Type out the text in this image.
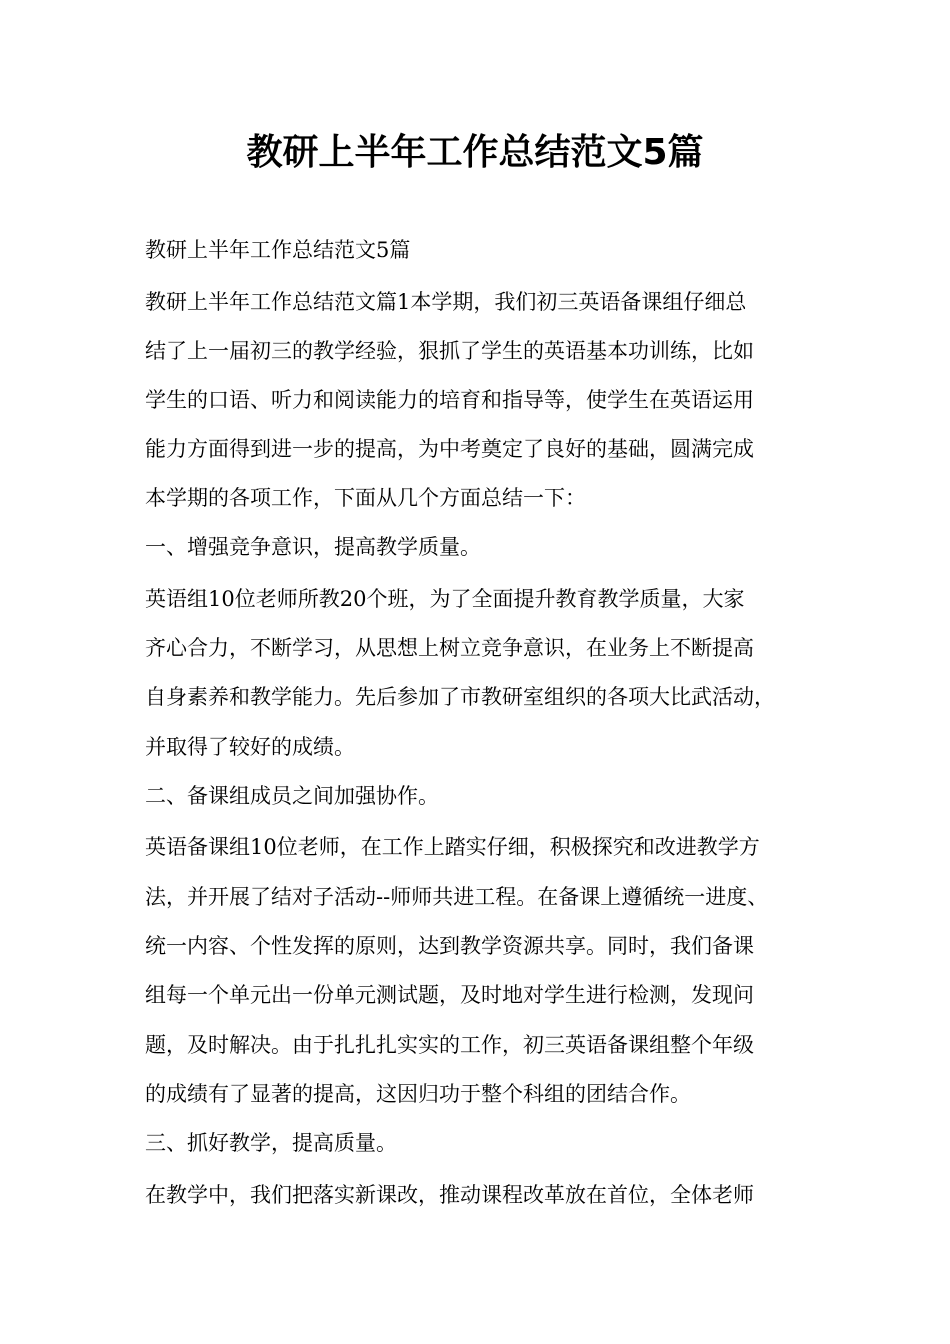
教研上半年工作总结范文5篇

教研上半年工作总结范文5篇

教研上半年工作总结范文篇1本学期，我们初三英语备课组仔细总

结了上一届初三的教学经验，狠抓了学生的英语基本功训练，比如

学生的口语、听力和阅读能力的培育和指导等，使学生在英语运用

能力方面得到进一步的提高，为中考奠定了良好的基础，圆满完成

本学期的各项工作，下面从几个方面总结一下：

一、增强竞争意识，提高教学质量。

英语组10位老师所教20个班，为了全面提升教育教学质量，大家

齐心合力，不断学习，从思想上树立竞争意识，在业务上不断提高

自身素养和教学能力。先后参加了市教研室组织的各项大比武活动，

并取得了较好的成绩。

二、备课组成员之间加强协作。

英语备课组10位老师，在工作上踏实仔细，积极探究和改进教学方

法，并开展了结对子活动--师师共进工程。在备课上遵循统一进度、

统一内容、个性发挥的原则，达到教学资源共享。同时，我们备课

组每一个单元出一份单元测试题，及时地对学生进行检测，发现问

题，及时解决。由于扎扎扎实实的工作，初三英语备课组整个年级

的成绩有了显著的提高，这因归功于整个科组的团结合作。

三、抓好教学，提高质量。

在教学中，我们把落实新课改，推动课程改革放在首位，全体老师
